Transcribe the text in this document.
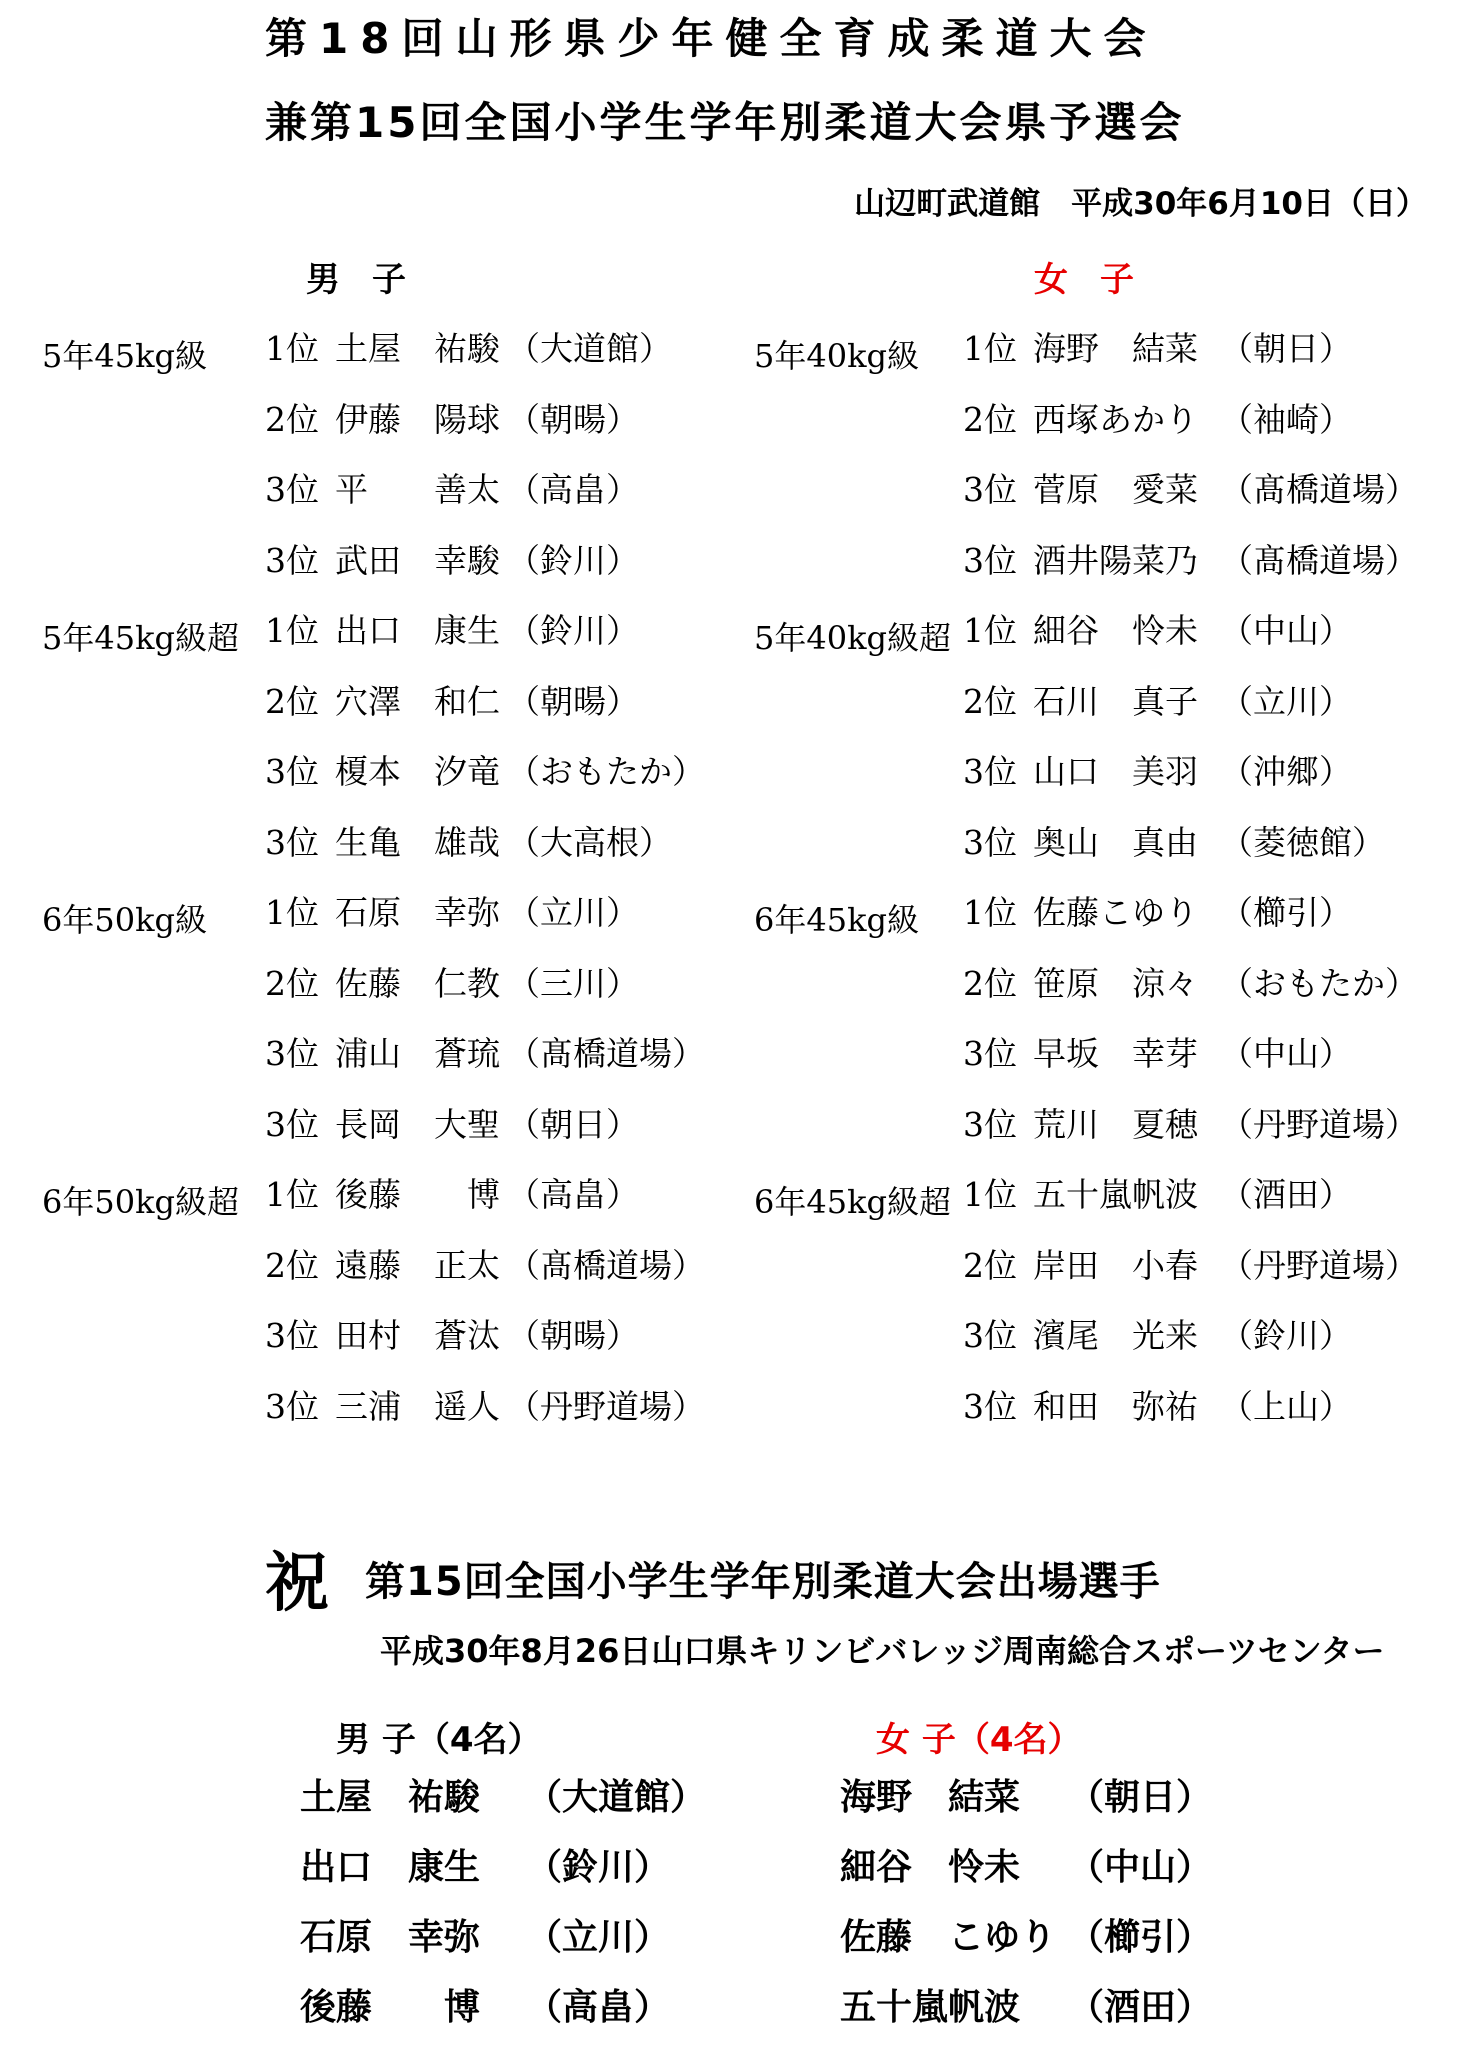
第18回山形県少年健全育成柔道大会
兼第15回全国小学生学年別柔道大会県予選会
山辺町武道館　平成30年6月10日（日）
男子	女子
5年45kg級 1位 土屋　祐駿 （大道館）
2位 伊藤　陽球 （朝暘）
3位 平　　善太 （高畠）
3位 武田　幸駿 （鈴川）
5年45kg級超 1位 出口　康生 （鈴川）
2位 穴澤　和仁 （朝暘）
3位 榎本　汐竜 （おもたか）
3位 生亀　雄哉 （大高根）
6年50kg級 1位 石原　幸弥 （立川）
2位 佐藤　仁教 （三川）
3位 浦山　蒼琉 （髙橋道場）
3位 長岡　大聖 （朝日）
6年50kg級超 1位 後藤　　博 （高畠）
2位 遠藤　正太 （髙橋道場）
3位 田村　蒼汰 （朝暘）
3位 三浦　遥人 （丹野道場）
5年40kg級 1位 海野　結菜 （朝日）
2位 西塚あかり （袖崎）
3位 菅原　愛菜 （髙橋道場）
3位 酒井陽菜乃 （髙橋道場）
5年40kg級超 1位 細谷　怜未 （中山）
2位 石川　真子 （立川）
3位 山口　美羽 （沖郷）
3位 奥山　真由 （菱徳館）
6年45kg級 1位 佐藤こゆり （櫛引）
2位 笹原　涼々 （おもたか）
3位 早坂　幸芽 （中山）
3位 荒川　夏穂 （丹野道場）
6年45kg級超 1位 五十嵐帆波 （酒田）
2位 岸田　小春 （丹野道場）
3位 濱尾　光来 （鈴川）
3位 和田　弥祐 （上山）
祝第15回全国小学生学年別柔道大会出場選手
平成30年8月26日山口県キリンビバレッジ周南総合スポーツセンター
男 子（4名）	女 子（4名）
土屋　祐駿 （大道館）
出口　康生 （鈴川）
石原　幸弥 （立川）
後藤　　博 （高畠）
海野　結菜 （朝日）
細谷　怜未 （中山）
佐藤　こゆり （櫛引）
五十嵐帆波 （酒田）
